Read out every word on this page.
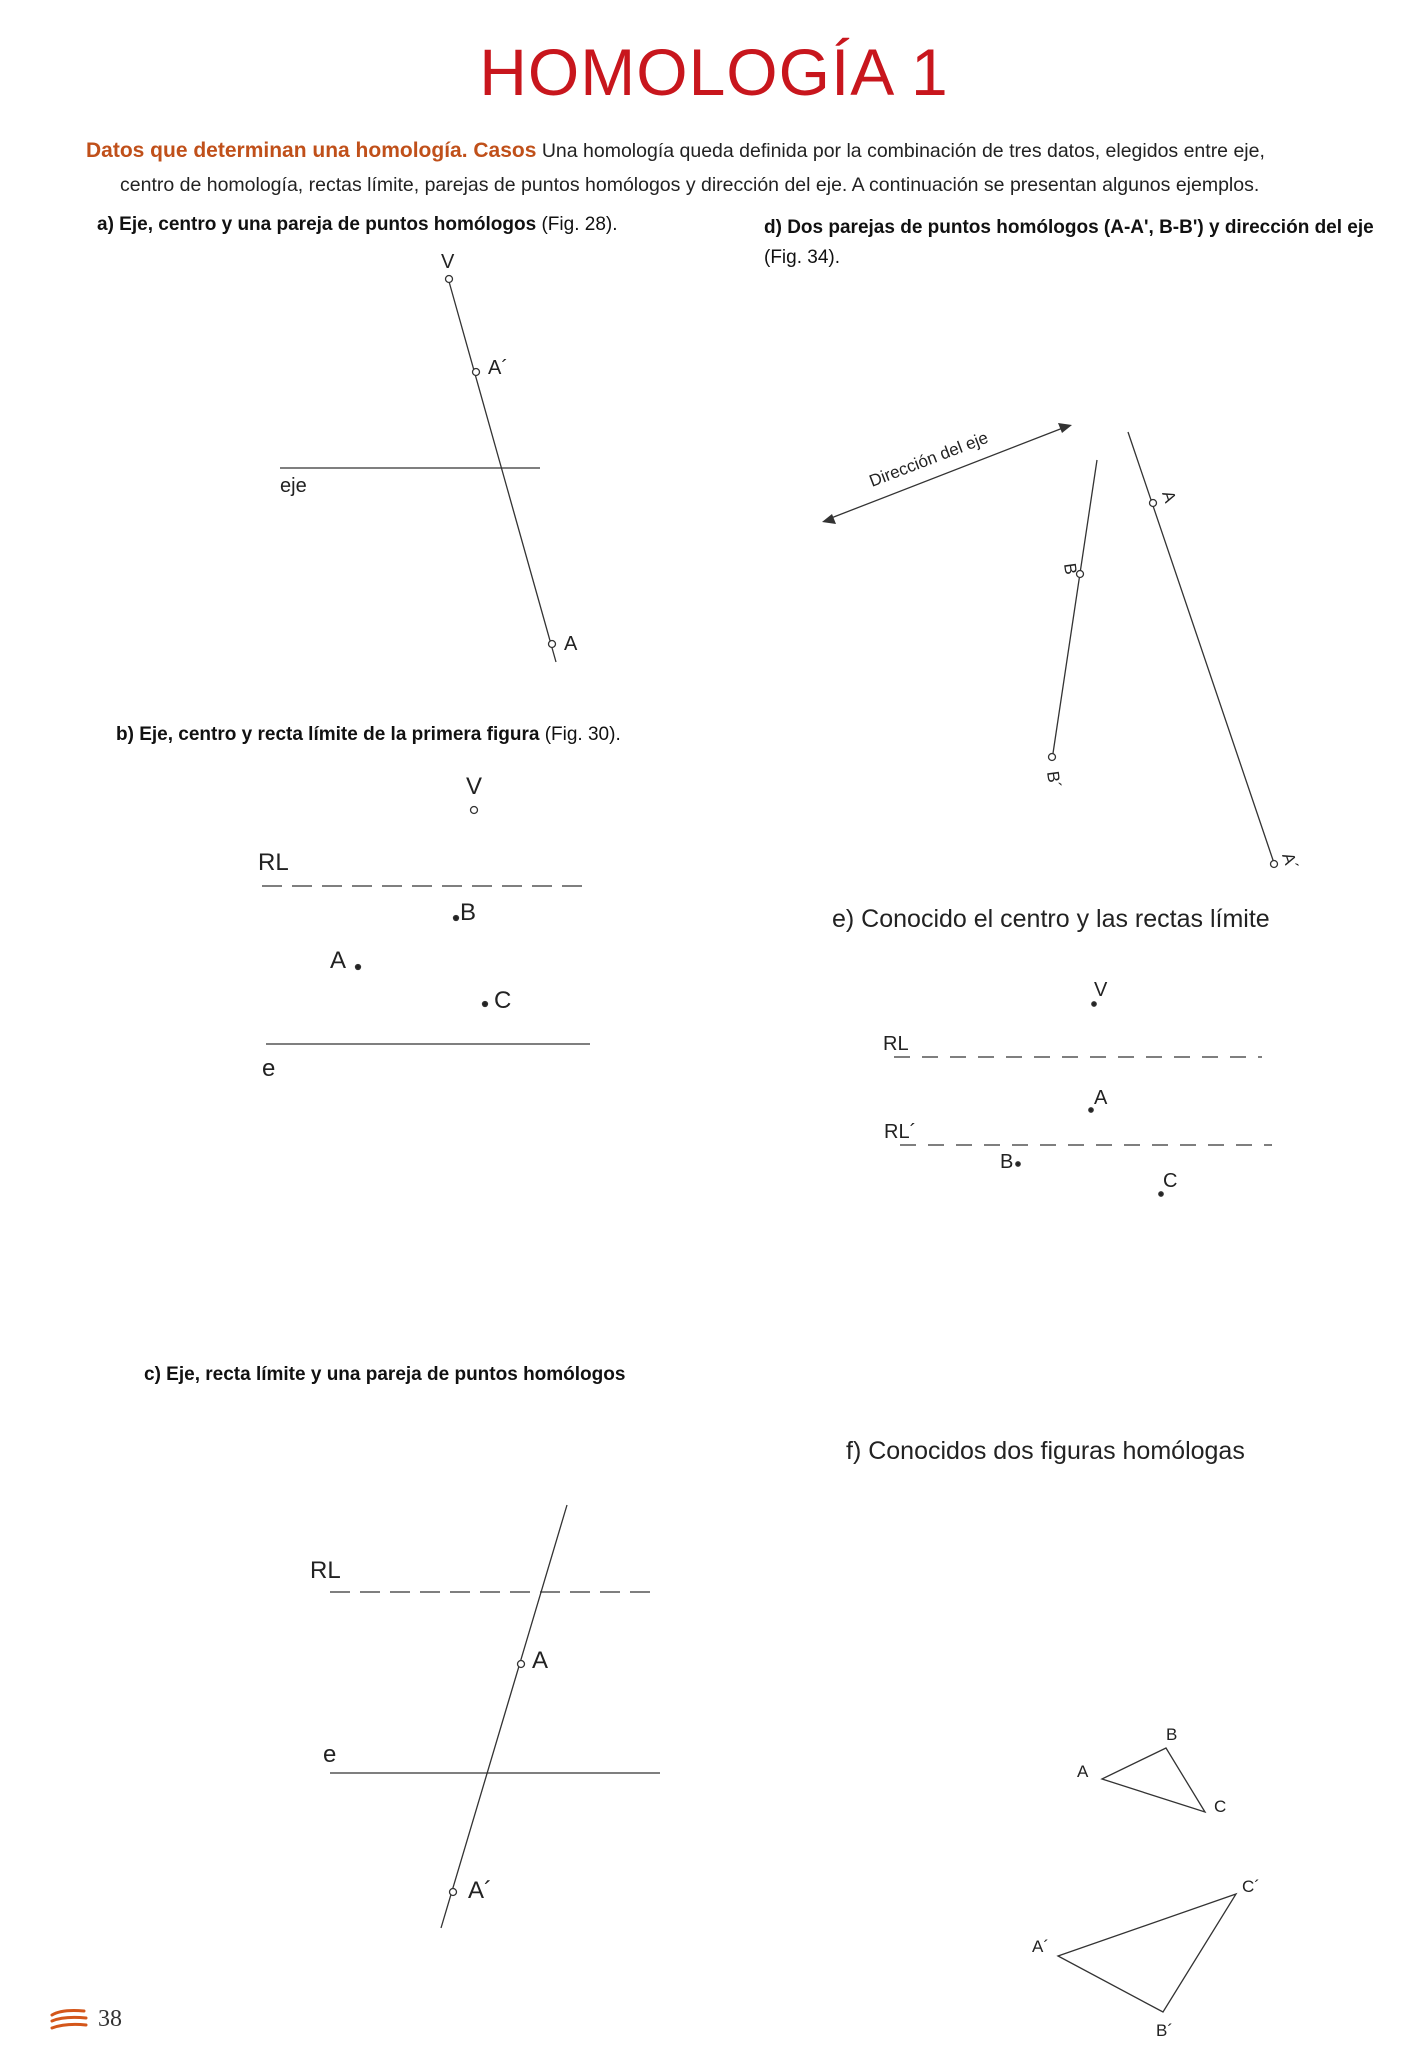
HOMOLOGÍA 1

Datos que determinan una homología. Casos Una homología queda definida por la combinación de tres datos, elegidos entre eje,
centro de homología, rectas límite, parejas de puntos homólogos y dirección del eje. A continuación se presentan algunos ejemplos.

a) Eje, centro y una pareja de puntos homólogos (Fig. 28).	d) Dos parejas de puntos homólogos (A-A', B-B') y dirección del eje (Fig. 34).
b) Eje, centro y recta límite de la primera figura (Fig. 30).
e) Conocido el centro y las rectas límite
c) Eje, recta límite y una pareja de puntos homólogos
f) Conocidos dos figuras homólogas
V
A´
eje
A
V
RL
B
A
C
e
RL
A
e
A´
Dirección del eje
A
A´
B
B´
V
RL
A
RL´
B
C
A
B
C
A´
B´
C´
38
